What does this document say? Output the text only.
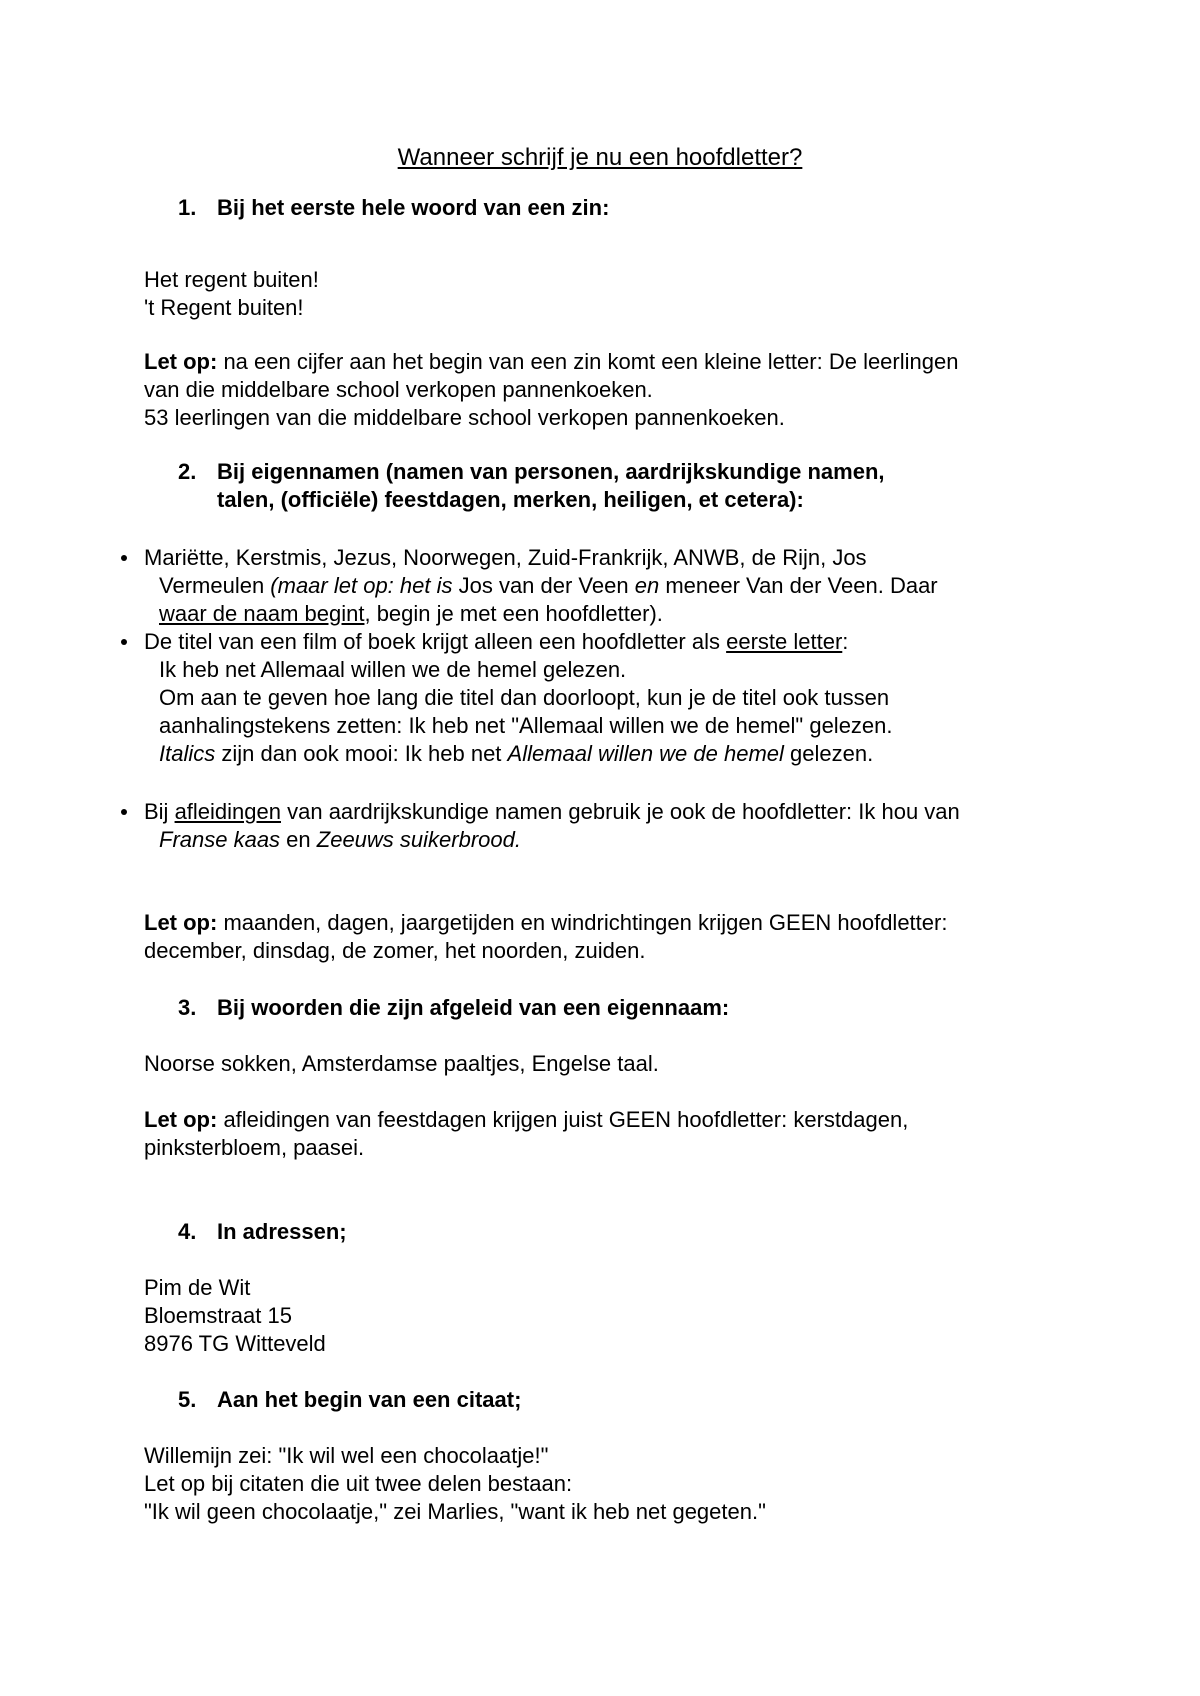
Wanneer schrijf je nu een hoofdletter?
1. Bij het eerste hele woord van een zin:
Het regent buiten!
't Regent buiten!
Let op: na een cijfer aan het begin van een zin komt een kleine letter: De leerlingen
van die middelbare school verkopen pannenkoeken.
53 leerlingen van die middelbare school verkopen pannenkoeken.
2. Bij eigennamen (namen van personen, aardrijkskundige namen,
talen, (officiële) feestdagen, merken, heiligen, et cetera):
Mariëtte, Kerstmis, Jezus, Noorwegen, Zuid-Frankrijk, ANWB, de Rijn, Jos
Vermeulen (maar let op: het is Jos van der Veen en meneer Van der Veen. Daar
waar de naam begint, begin je met een hoofdletter).
De titel van een film of boek krijgt alleen een hoofdletter als eerste letter:
Ik heb net Allemaal willen we de hemel gelezen.
Om aan te geven hoe lang die titel dan doorloopt, kun je de titel ook tussen
aanhalingstekens zetten: Ik heb net "Allemaal willen we de hemel" gelezen.
Italics zijn dan ook mooi: Ik heb net Allemaal willen we de hemel gelezen.
Bij afleidingen van aardrijkskundige namen gebruik je ook de hoofdletter: Ik hou van
Franse kaas en Zeeuws suikerbrood.
Let op: maanden, dagen, jaargetijden en windrichtingen krijgen GEEN hoofdletter:
december, dinsdag, de zomer, het noorden, zuiden.
3. Bij woorden die zijn afgeleid van een eigennaam:
Noorse sokken, Amsterdamse paaltjes, Engelse taal.
Let op: afleidingen van feestdagen krijgen juist GEEN hoofdletter: kerstdagen,
pinksterbloem, paasei.
4. In adressen;
Pim de Wit
Bloemstraat 15
8976 TG Witteveld
5. Aan het begin van een citaat;
Willemijn zei: "Ik wil wel een chocolaatje!"
Let op bij citaten die uit twee delen bestaan:
"Ik wil geen chocolaatje," zei Marlies, "want ik heb net gegeten."
